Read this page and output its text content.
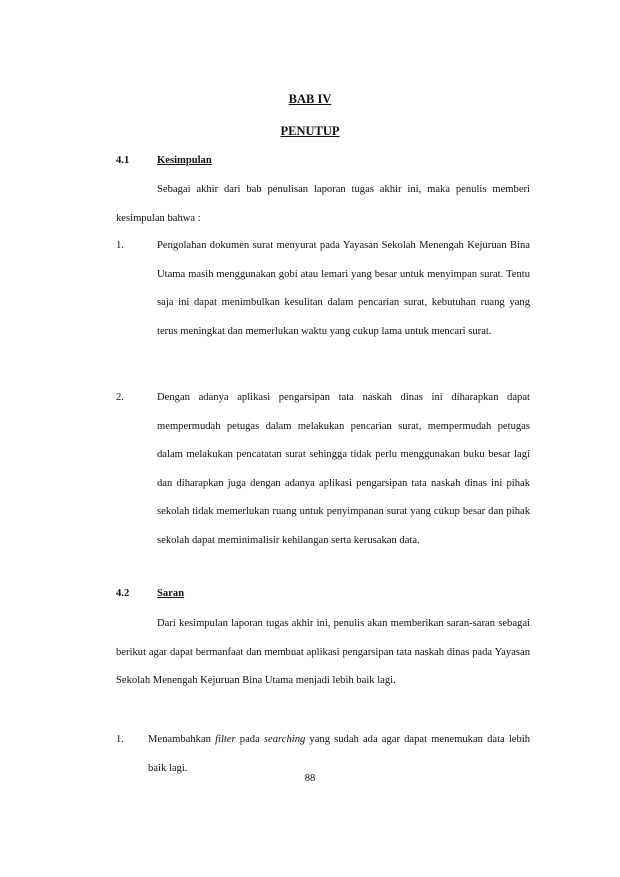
BAB IV
PENUTUP
4.1	Kesimpulan

Sebagai akhir dari bab penulisan laporan tugas akhir ini, maka penulis memberi kesimpulan bahwa :

1.	Pengolahan dokumen surat menyurat pada Yayasan Sekolah Menengah Kejuruan Bina Utama masih menggunakan gobi atau lemari yang besar untuk menyimpan surat. Tentu saja ini dapat menimbulkan kesulitan dalam pencarian surat, kebutuhan ruang yang terus meningkat dan memerlukan waktu yang cukup lama untuk mencari surat.

2.	Dengan adanya aplikasi pengarsipan tata naskah dinas ini diharapkan dapat mempermudah petugas dalam melakukan pencarian surat, mempermudah petugas dalam melakukan pencatatan surat sehingga tidak perlu menggunakan buku besar lagi dan diharapkan juga dengan adanya aplikasi pengarsipan tata naskah dinas ini pihak sekolah tidak memerlukan ruang untuk penyimpanan surat yang cukup besar dan pihak sekolah dapat meminimalisir kehilangan serta kerusakan data.

4.2	Saran

Dari kesimpulan laporan tugas akhir ini, penulis akan memberikan saran-saran sebagai berikut agar dapat bermanfaat dan membuat aplikasi pengarsipan tata naskah dinas pada Yayasan Sekolah Menengah Kejuruan Bina Utama menjadi lebih baik lagi.

1. Menambahkan filter pada searching yang sudah ada agar dapat menemukan data lebih baik lagi.

88
